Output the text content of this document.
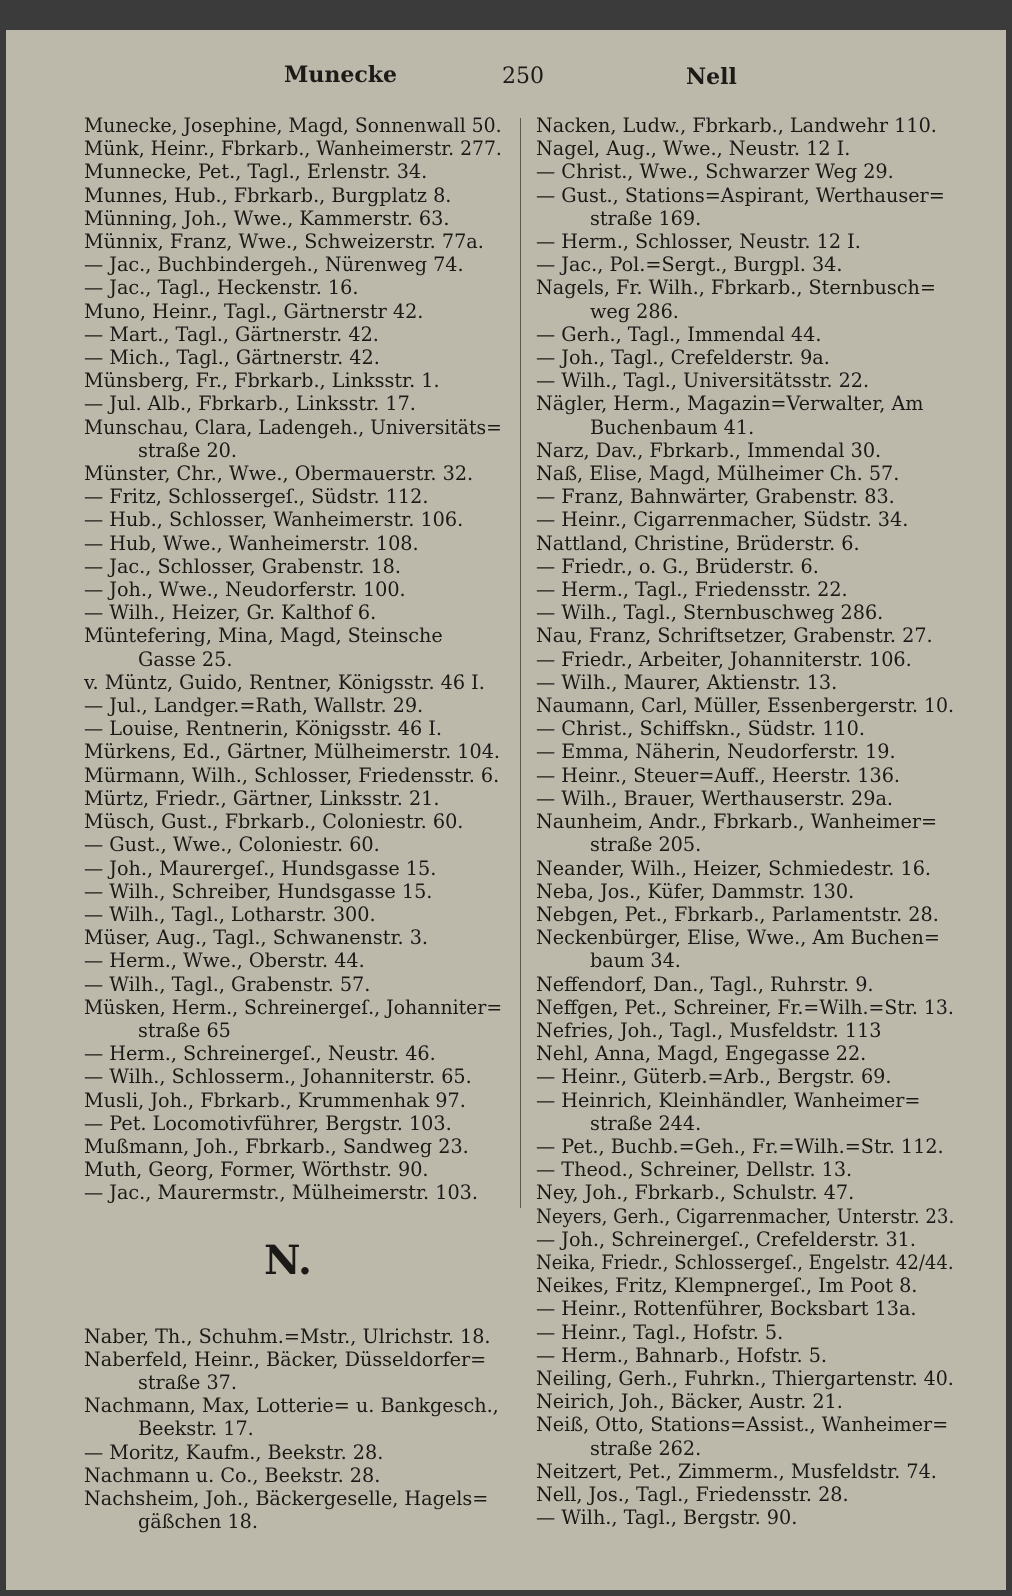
Munecke	250	Nell
Munecke, Josephine, Magd, Sonnenwall 50.
Münk, Heinr., Fbrkarb., Wanheimerstr. 277.
Munnecke, Pet., Tagl., Erlenstr. 34.
Munnes, Hub., Fbrkarb., Burgplatz 8.
Münning, Joh., Wwe., Kammerstr. 63.
Münnix, Franz, Wwe., Schweizerstr. 77a.
— Jac., Buchbindergeh., Nürenweg 74.
— Jac., Tagl., Heckenstr. 16.
Muno, Heinr., Tagl., Gärtnerstr 42.
— Mart., Tagl., Gärtnerstr. 42.
— Mich., Tagl., Gärtnerstr. 42.
Münsberg, Fr., Fbrkarb., Linksstr. 1.
— Jul. Alb., Fbrkarb., Linksstr. 17.
Munschau, Clara, Ladengeh., Universitäts=
straße 20.
Münster, Chr., Wwe., Obermauerstr. 32.
— Fritz, Schlossergeſ., Südstr. 112.
— Hub., Schlosser, Wanheimerstr. 106.
— Hub, Wwe., Wanheimerstr. 108.
— Jac., Schlosser, Grabenstr. 18.
— Joh., Wwe., Neudorferstr. 100.
— Wilh., Heizer, Gr. Kalthof 6.
Müntefering, Mina, Magd, Steinsche
Gasse 25.
v. Müntz, Guido, Rentner, Königsstr. 46 I.
— Jul., Landger.=Rath, Wallstr. 29.
— Louise, Rentnerin, Königsstr. 46 I.
Mürkens, Ed., Gärtner, Mülheimerstr. 104.
Mürmann, Wilh., Schlosser, Friedensstr. 6.
Mürtz, Friedr., Gärtner, Linksstr. 21.
Müsch, Gust., Fbrkarb., Coloniestr. 60.
— Gust., Wwe., Coloniestr. 60.
— Joh., Maurergeſ., Hundsgasse 15.
— Wilh., Schreiber, Hundsgasse 15.
— Wilh., Tagl., Lotharstr. 300.
Müser, Aug., Tagl., Schwanenstr. 3.
— Herm., Wwe., Oberstr. 44.
— Wilh., Tagl., Grabenstr. 57.
Müsken, Herm., Schreinergeſ., Johanniter=
straße 65
— Herm., Schreinergeſ., Neustr. 46.
— Wilh., Schlosserm., Johanniterstr. 65.
Musli, Joh., Fbrkarb., Krummenhak 97.
— Pet. Locomotivführer, Bergstr. 103.
Mußmann, Joh., Fbrkarb., Sandweg 23.
Muth, Georg, Former, Wörthstr. 90.
— Jac., Maurermstr., Mülheimerstr. 103.
N.
Naber, Th., Schuhm.=Mstr., Ulrichstr. 18.
Naberfeld, Heinr., Bäcker, Düsseldorfer=
straße 37.
Nachmann, Max, Lotterie= u. Bankgesch.,
Beekstr. 17.
— Moritz, Kaufm., Beekstr. 28.
Nachmann u. Co., Beekstr. 28.
Nachsheim, Joh., Bäckergeselle, Hagels=
gäßchen 18.
Nacken, Ludw., Fbrkarb., Landwehr 110.
Nagel, Aug., Wwe., Neustr. 12 I.
— Christ., Wwe., Schwarzer Weg 29.
— Gust., Stations=Aspirant, Werthauser=
straße 169.
— Herm., Schlosser, Neustr. 12 I.
— Jac., Pol.=Sergt., Burgpl. 34.
Nagels, Fr. Wilh., Fbrkarb., Sternbusch=
weg 286.
— Gerh., Tagl., Immendal 44.
— Joh., Tagl., Crefelderstr. 9a.
— Wilh., Tagl., Universitätsstr. 22.
Nägler, Herm., Magazin=Verwalter, Am
Buchenbaum 41.
Narz, Dav., Fbrkarb., Immendal 30.
Naß, Elise, Magd, Mülheimer Ch. 57.
— Franz, Bahnwärter, Grabenstr. 83.
— Heinr., Cigarrenmacher, Südstr. 34.
Nattland, Christine, Brüderstr. 6.
— Friedr., o. G., Brüderstr. 6.
— Herm., Tagl., Friedensstr. 22.
— Wilh., Tagl., Sternbuschweg 286.
Nau, Franz, Schriftsetzer, Grabenstr. 27.
— Friedr., Arbeiter, Johanniterstr. 106.
— Wilh., Maurer, Aktienstr. 13.
Naumann, Carl, Müller, Essenbergerstr. 10.
— Christ., Schiffskn., Südstr. 110.
— Emma, Näherin, Neudorferstr. 19.
— Heinr., Steuer=Auff., Heerstr. 136.
— Wilh., Brauer, Werthauserstr. 29a.
Naunheim, Andr., Fbrkarb., Wanheimer=
straße 205.
Neander, Wilh., Heizer, Schmiedestr. 16.
Neba, Jos., Küfer, Dammstr. 130.
Nebgen, Pet., Fbrkarb., Parlamentstr. 28.
Neckenbürger, Elise, Wwe., Am Buchen=
baum 34.
Neffendorf, Dan., Tagl., Ruhrstr. 9.
Neffgen, Pet., Schreiner, Fr.=Wilh.=Str. 13.
Nefries, Joh., Tagl., Musfeldstr. 113
Nehl, Anna, Magd, Engegasse 22.
— Heinr., Güterb.=Arb., Bergstr. 69.
— Heinrich, Kleinhändler, Wanheimer=
straße 244.
— Pet., Buchb.=Geh., Fr.=Wilh.=Str. 112.
— Theod., Schreiner, Dellstr. 13.
Ney, Joh., Fbrkarb., Schulstr. 47.
Neyers, Gerh., Cigarrenmacher, Unterstr. 23.
— Joh., Schreinergeſ., Crefelderstr. 31.
Neika, Friedr., Schlossergeſ., Engelstr. 42/44.
Neikes, Fritz, Klempnergeſ., Im Poot 8.
— Heinr., Rottenführer, Bocksbart 13a.
— Heinr., Tagl., Hofstr. 5.
— Herm., Bahnarb., Hofstr. 5.
Neiling, Gerh., Fuhrkn., Thiergartenstr. 40.
Neirich, Joh., Bäcker, Austr. 21.
Neiß, Otto, Stations=Assist., Wanheimer=
straße 262.
Neitzert, Pet., Zimmerm., Musfeldstr. 74.
Nell, Jos., Tagl., Friedensstr. 28.
— Wilh., Tagl., Bergstr. 90.
